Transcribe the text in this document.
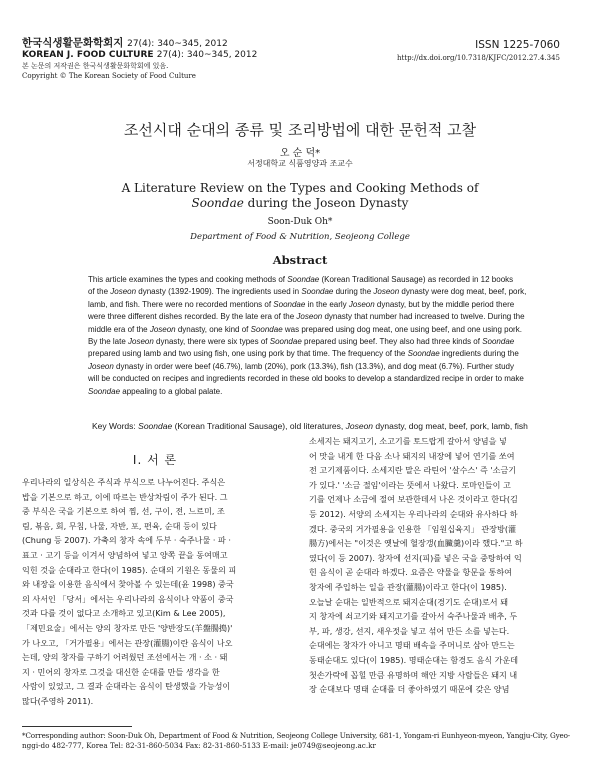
한국식생활문화학회지 27(4): 340~345, 2012
KOREAN J. FOOD CULTURE 27(4): 340~345, 2012
본 논문의 저작권은 한국식생활문화학회에 있음.
Copyright © The Korean Society of Food Culture
ISSN 1225-7060
http://dx.doi.org/10.7318/KJFC/2012.27.4.345
조선시대 순대의 종류 및 조리방법에 대한 문헌적 고찰
오 순 덕*
서정대학교 식품영양과 조교수
A Literature Review on the Types and Cooking Methods of
Soondae during the Joseon Dynasty
Soon-Duk Oh*
Department of Food & Nutrition, Seojeong College
Abstract
This article examines the types and cooking methods of Soondae (Korean Traditional Sausage) as recorded in 12 books
of the Joseon dynasty (1392-1909). The ingredients used in Soondae during the Joseon dynasty were dog meat, beef, pork,
lamb, and fish. There were no recorded mentions of Soondae in the early Joseon dynasty, but by the middle period there
were three different dishes recorded. By the late era of the Joseon dynasty that number had increased to twelve. During the
middle era of the Joseon dynasty, one kind of Soondae was prepared using dog meat, one using beef, and one using pork.
By the late Joseon dynasty, there were six types of Soondae prepared using beef. They also had three kinds of Soondae
prepared using lamb and two using fish, one using pork by that time. The frequency of the Soondae ingredients during the
Joseon dynasty in order were beef (46.7%), lamb (20%), pork (13.3%), fish (13.3%), and dog meat (6.7%). Further study
will be conducted on recipes and ingredients recorded in these old books to develop a standardized recipe in order to make
Soondae appealing to a global palate.
Key Words: Soondae (Korean Traditional Sausage), old literatures, Joseon dynasty, dog meat, beef, pork, lamb, fish
I. 서 론
우리나라의 일상식은 주식과 부식으로 나누어진다. 주식은
밥을 기본으로 하고, 이에 따르는 반상차림이 주가 된다. 그
중 부식은 국을 기본으로 하여 찜, 선, 구이, 전, 느르미, 조
림, 볶음, 회, 무침, 나물, 자반, 포, 편육, 순대 등이 있다
(Chung 등 2007). 가축의 창자 속에 두부 · 숙주나물 · 파 ·
표고 · 고기 등을 이겨서 양념하여 넣고 양쪽 끝을 동여매고
익힌 것을 순대라고 한다(이 1985). 순대의 기원은 동물의 피
와 내장을 이용한 음식에서 찾아볼 수 있는데(윤 1998) 중국
의 사서인 「당서」에서는 우리나라의 음식이나 약품이 중국
것과 다를 것이 없다고 소개하고 있고(Kim & Lee 2005),
「제민요술」에서는 양의 창자로 만든 '양반장도(羊盤腸搗)'
가 나오고, 「거가필용」에서는 관장(灌腸)이란 음식이 나오
는데, 양의 창자를 구하기 어려웠던 조선에서는 개 · 소 · 돼
지 · 민어의 창자로 그것을 대신한 순대를 만들 생각을 한
사람이 있었고, 그 결과 순대라는 음식이 탄생했을 가능성이
많다(주영하 2011).
소세지는 돼지고기, 소고기를 토드랍게 갈아서 양념을 넣
어 맛을 내게 한 다음 소나 돼지의 내장에 넣어 연기를 쏘여
전 고기제품이다. 소세지란 말은 라틴어 '살수스' 즉 '소금기
가 있다.' '소금 절임'이라는 뜻에서 나왔다. 로마인들이 고
기를 언제나 소금에 절여 보관한데서 나온 것이라고 한다(김
등 2012). 서양의 소세지는 우리나라의 순대와 유사하다 하
겠다. 중국의 거가필용을 인용한 「임원십육지」 관장방(灌
腸方)에서는 "이것은 옛날에 혈장갱(血臟羹)이라 했다."고 하
였다(이 등 2007). 창자에 선지(피)를 넣은 국을 중탕하여 익
힌 음식이 곧 순대라 하겠다. 요즘은 약물을 항문을 통하여
창자에 주입하는 일을 관장(灌腸)이라고 한다(이 1985).
오늘날 순대는 일반적으로 돼지순대(경기도 순대)로서 돼
지 창자에 쇠고기와 돼지고기를 갈아서 숙주나물과 배추, 두
부, 파, 생강, 선지, 새우젓을 넣고 섞어 만든 소를 넣는다.
순대에는 창자가 아니고 명태 배속을 주머니로 삼아 만드는
동태순대도 있다(이 1985). 명태순대는 함경도 음식 가운데
첫손가락에 꼽힐 만큼 유명하며 해안 지방 사람들은 돼지 내
장 순대보다 명태 순대를 더 좋아하였기 때문에 갖은 양념
*Corresponding author: Soon-Duk Oh, Department of Food & Nutrition, Seojeong College University, 681-1, Yongam-ri Eunhyeon-myeon, Yangju-City, Gyeo-
nggi-do 482-777, Korea Tel: 82-31-860-5034 Fax: 82-31-860-5133 E-mail: je0749@seojeong.ac.kr
